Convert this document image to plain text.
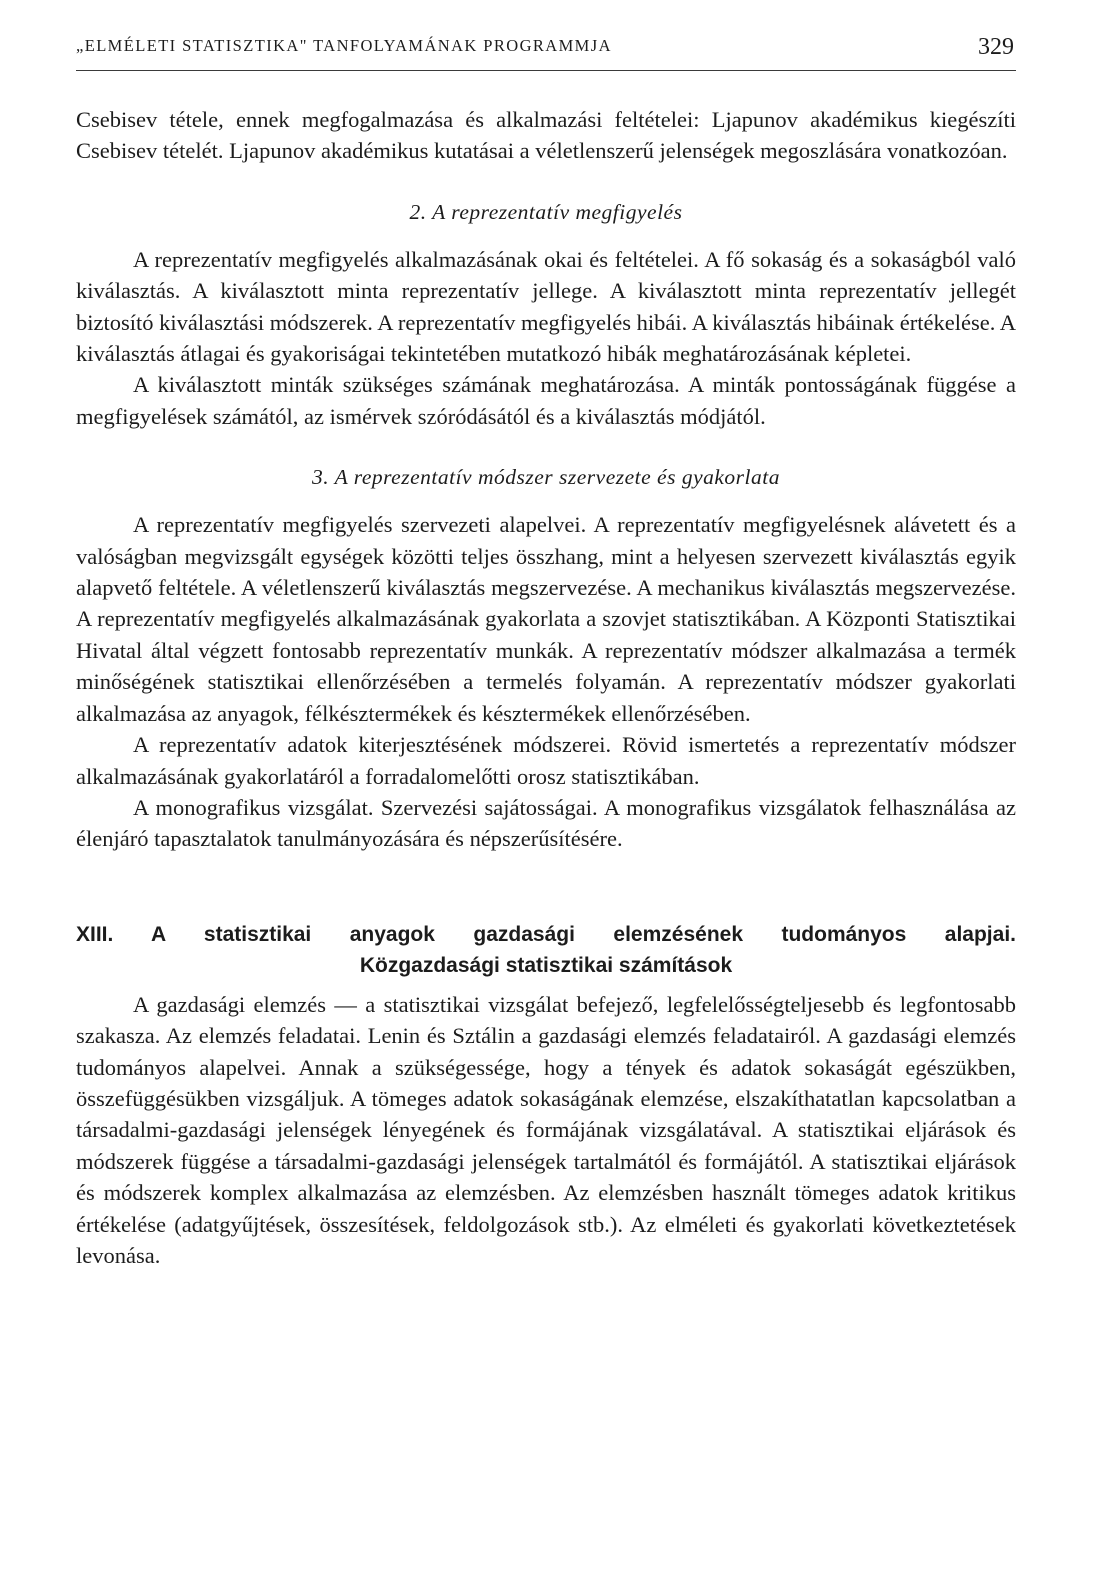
„ELMÉLETI STATISZTIKA" TANFOLYAMÁNAK PROGRAMMJA	329

Csebisev tétele, ennek megfogalmazása és alkalmazási feltételei: Ljapunov akadémikus kiegészíti Csebisev tételét. Ljapunov akadémikus kutatásai a véletlenszerű jelenségek megoszlására vonatkozóan.

2. A reprezentatív megfigyelés

A reprezentatív megfigyelés alkalmazásának okai és feltételei. A fő sokaság és a sokaságból való kiválasztás. A kiválasztott minta reprezentatív jellege. A kiválasztott minta reprezentatív jellegét biztosító kiválasztási módszerek. A reprezentatív megfigyelés hibái. A kiválasztás hibáinak értékelése. A kiválasztás átlagai és gyakoriságai tekintetében mutatkozó hibák meghatározásának képletei.

A kiválasztott minták szükséges számának meghatározása. A minták pontosságának függése a megfigyelések számától, az ismérvek szóródásától és a kiválasztás módjától.

3. A reprezentatív módszer szervezete és gyakorlata

A reprezentatív megfigyelés szervezeti alapelvei. A reprezentatív megfigyelésnek alávetett és a valóságban megvizsgált egységek közötti teljes összhang, mint a helyesen szervezett kiválasztás egyik alapvető feltétele. A véletlenszerű kiválasztás megszervezése. A mechanikus kiválasztás megszervezése. A reprezentatív megfigyelés alkalmazásának gyakorlata a szovjet statisztikában. A Központi Statisztikai Hivatal által végzett fontosabb reprezentatív munkák. A reprezentatív módszer alkalmazása a termék minőségének statisztikai ellenőrzésében a termelés folyamán. A reprezentatív módszer gyakorlati alkalmazása az anyagok, félkésztermékek és késztermékek ellenőrzésében.

A reprezentatív adatok kiterjesztésének módszerei. Rövid ismertetés a reprezentatív módszer alkalmazásának gyakorlatáról a forradalomelőtti orosz statisztikában.

A monografikus vizsgálat. Szervezési sajátosságai. A monografikus vizsgálatok felhasználása az élenjáró tapasztalatok tanulmányozására és népszerűsítésére.

XIII. A statisztikai anyagok gazdasági elemzésének tudományos alapjai.
Közgazdasági statisztikai számítások

A gazdasági elemzés — a statisztikai vizsgálat befejező, legfelelősségteljesebb és legfontosabb szakasza. Az elemzés feladatai. Lenin és Sztálin a gazdasági elemzés feladatairól. A gazdasági elemzés tudományos alapelvei. Annak a szükségessége, hogy a tények és adatok sokaságát egészükben, összefüggésükben vizsgáljuk. A tömeges adatok sokaságának elemzése, elszakíthatatlan kapcsolatban a társadalmi-gazdasági jelenségek lényegének és formájának vizsgálatával. A statisztikai eljárások és módszerek függése a társadalmi-gazdasági jelenségek tartalmától és formájától. A statisztikai eljárások és módszerek komplex alkalmazása az elemzésben. Az elemzésben használt tömeges adatok kritikus értékelése (adatgyűjtések, összesítések, feldolgozások stb.). Az elméleti és gyakorlati következtetések levonása.
